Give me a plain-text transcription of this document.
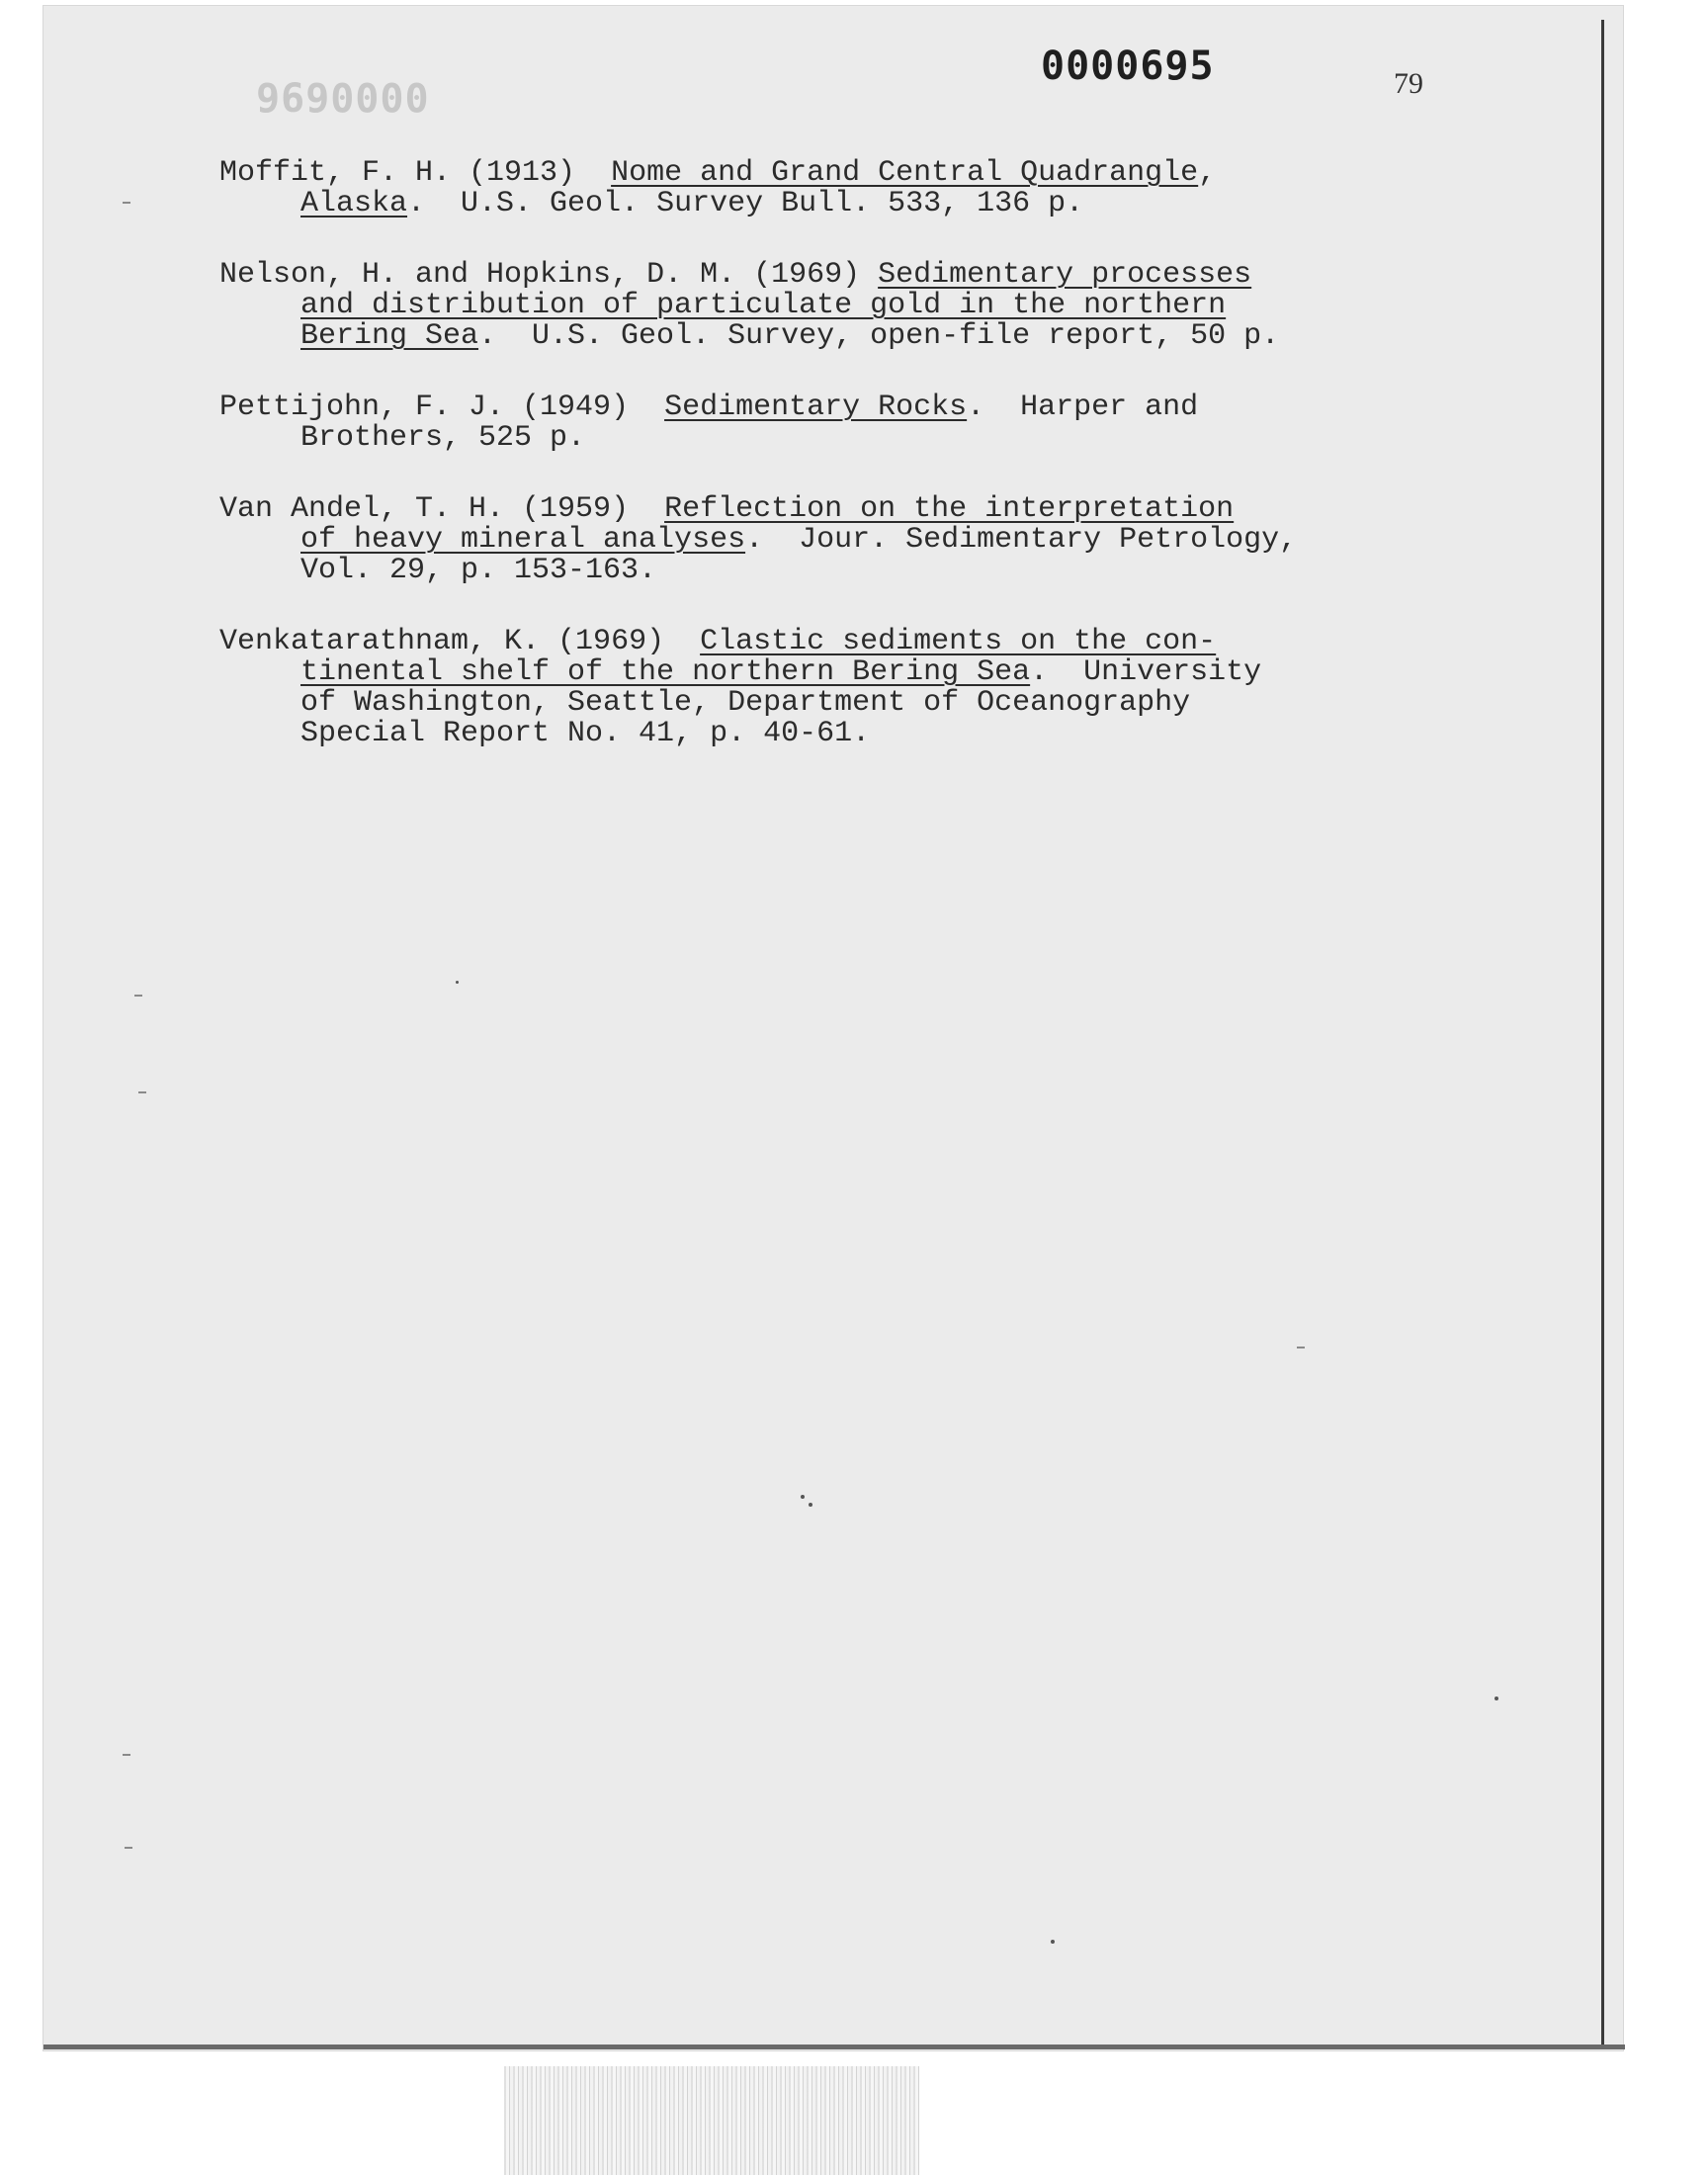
0000696
0000695	79
Moffit, F. H. (1913)  Nome and Grand Central Quadrangle,
Alaska.  U.S. Geol. Survey Bull. 533, 136 p.
Nelson, H. and Hopkins, D. M. (1969) Sedimentary processes
and distribution of particulate gold in the northern
Bering Sea.  U.S. Geol. Survey, open-file report, 50 p.
Pettijohn, F. J. (1949)  Sedimentary Rocks.  Harper and
Brothers, 525 p.
Van Andel, T. H. (1959)  Reflection on the interpretation
of heavy mineral analyses.  Jour. Sedimentary Petrology,
Vol. 29, p. 153-163.
Venkatarathnam, K. (1969)  Clastic sediments on the con-
tinental shelf of the northern Bering Sea.  University
of Washington, Seattle, Department of Oceanography
Special Report No. 41, p. 40-61.
